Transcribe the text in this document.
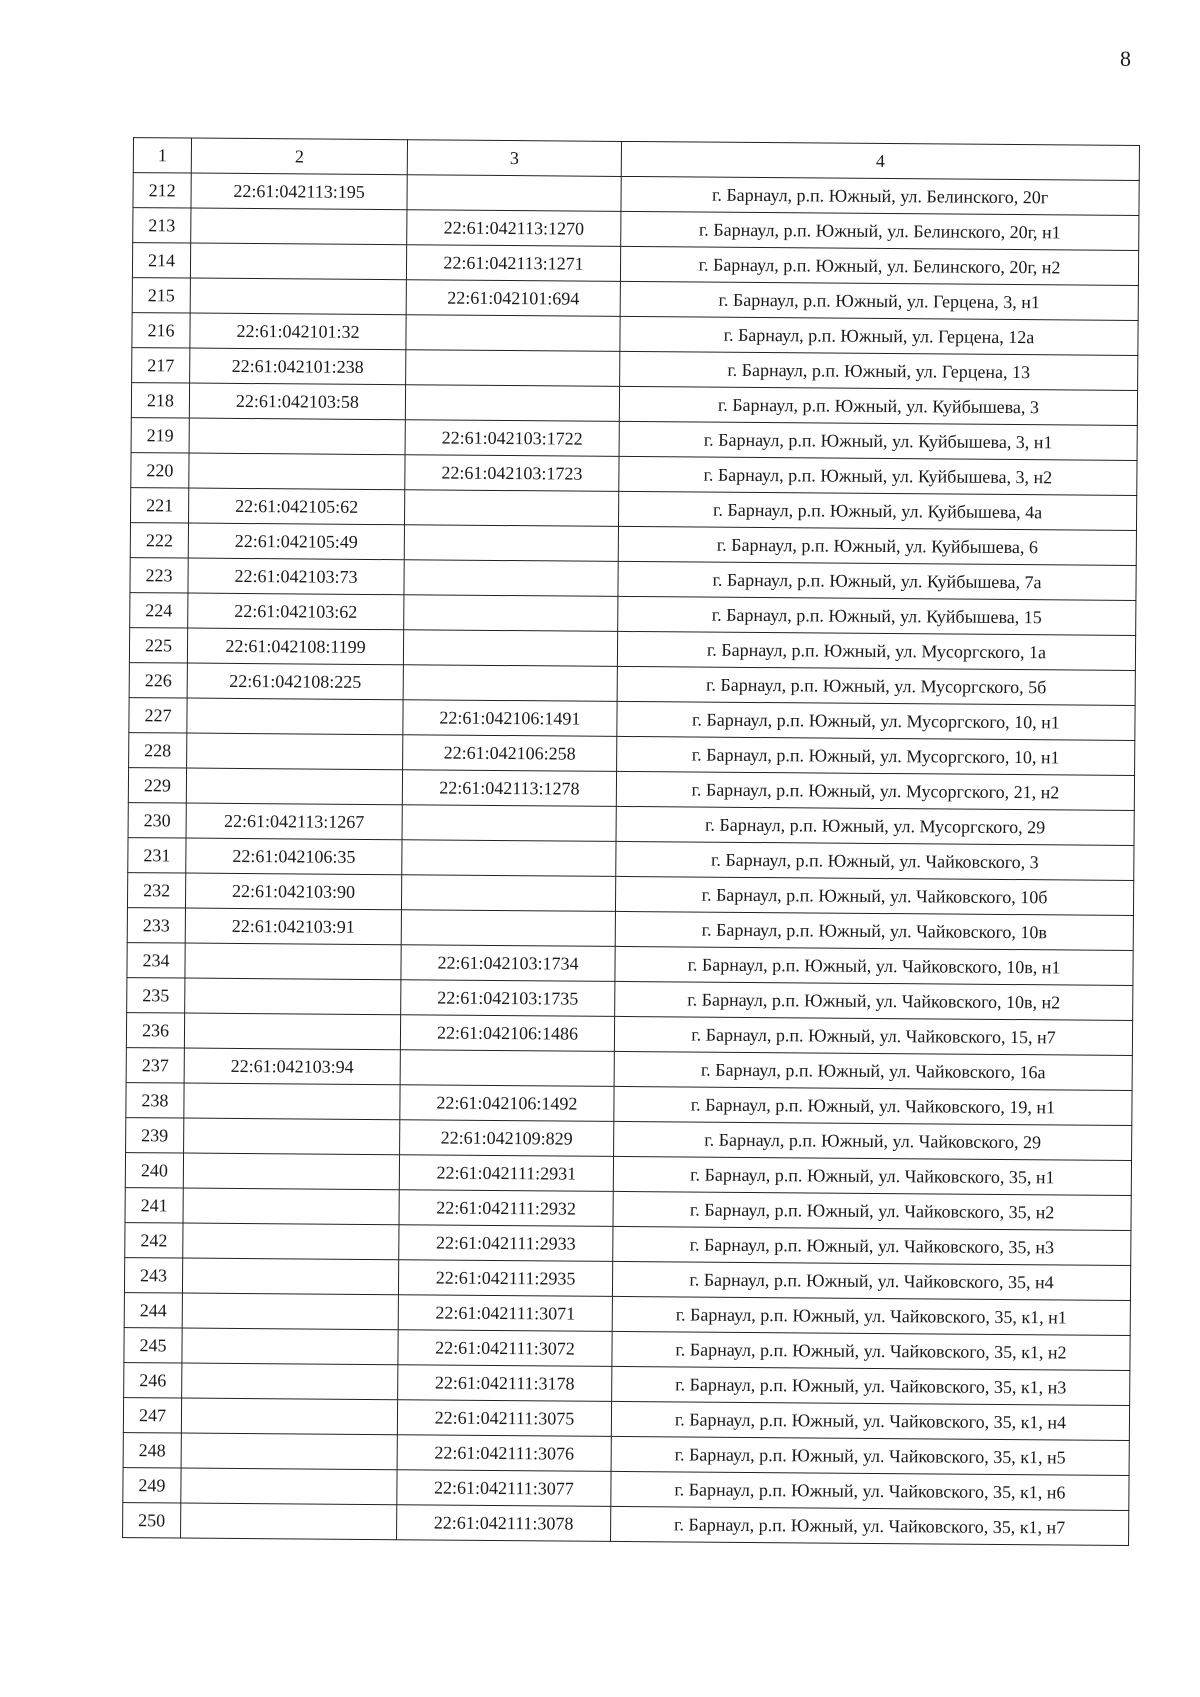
8
1	2	3	4
212	22:61:042113:195		г. Барнаул, р.п. Южный, ул. Белинского, 20г
213		22:61:042113:1270	г. Барнаул, р.п. Южный, ул. Белинского, 20г, н1
214		22:61:042113:1271	г. Барнаул, р.п. Южный, ул. Белинского, 20г, н2
215		22:61:042101:694	г. Барнаул, р.п. Южный, ул. Герцена, 3, н1
216	22:61:042101:32		г. Барнаул, р.п. Южный, ул. Герцена, 12а
217	22:61:042101:238		г. Барнаул, р.п. Южный, ул. Герцена, 13
218	22:61:042103:58		г. Барнаул, р.п. Южный, ул. Куйбышева, 3
219		22:61:042103:1722	г. Барнаул, р.п. Южный, ул. Куйбышева, 3, н1
220		22:61:042103:1723	г. Барнаул, р.п. Южный, ул. Куйбышева, 3, н2
221	22:61:042105:62		г. Барнаул, р.п. Южный, ул. Куйбышева, 4а
222	22:61:042105:49		г. Барнаул, р.п. Южный, ул. Куйбышева, 6
223	22:61:042103:73		г. Барнаул, р.п. Южный, ул. Куйбышева, 7а
224	22:61:042103:62		г. Барнаул, р.п. Южный, ул. Куйбышева, 15
225	22:61:042108:1199		г. Барнаул, р.п. Южный, ул. Мусоргского, 1а
226	22:61:042108:225		г. Барнаул, р.п. Южный, ул. Мусоргского, 5б
227		22:61:042106:1491	г. Барнаул, р.п. Южный, ул. Мусоргского, 10, н1
228		22:61:042106:258	г. Барнаул, р.п. Южный, ул. Мусоргского, 10, н1
229		22:61:042113:1278	г. Барнаул, р.п. Южный, ул. Мусоргского, 21, н2
230	22:61:042113:1267		г. Барнаул, р.п. Южный, ул. Мусоргского, 29
231	22:61:042106:35		г. Барнаул, р.п. Южный, ул. Чайковского, 3
232	22:61:042103:90		г. Барнаул, р.п. Южный, ул. Чайковского, 10б
233	22:61:042103:91		г. Барнаул, р.п. Южный, ул. Чайковского, 10в
234		22:61:042103:1734	г. Барнаул, р.п. Южный, ул. Чайковского, 10в, н1
235		22:61:042103:1735	г. Барнаул, р.п. Южный, ул. Чайковского, 10в, н2
236		22:61:042106:1486	г. Барнаул, р.п. Южный, ул. Чайковского, 15, н7
237	22:61:042103:94		г. Барнаул, р.п. Южный, ул. Чайковского, 16а
238		22:61:042106:1492	г. Барнаул, р.п. Южный, ул. Чайковского, 19, н1
239		22:61:042109:829	г. Барнаул, р.п. Южный, ул. Чайковского, 29
240		22:61:042111:2931	г. Барнаул, р.п. Южный, ул. Чайковского, 35, н1
241		22:61:042111:2932	г. Барнаул, р.п. Южный, ул. Чайковского, 35, н2
242		22:61:042111:2933	г. Барнаул, р.п. Южный, ул. Чайковского, 35, н3
243		22:61:042111:2935	г. Барнаул, р.п. Южный, ул. Чайковского, 35, н4
244		22:61:042111:3071	г. Барнаул, р.п. Южный, ул. Чайковского, 35, к1, н1
245		22:61:042111:3072	г. Барнаул, р.п. Южный, ул. Чайковского, 35, к1, н2
246		22:61:042111:3178	г. Барнаул, р.п. Южный, ул. Чайковского, 35, к1, н3
247		22:61:042111:3075	г. Барнаул, р.п. Южный, ул. Чайковского, 35, к1, н4
248		22:61:042111:3076	г. Барнаул, р.п. Южный, ул. Чайковского, 35, к1, н5
249		22:61:042111:3077	г. Барнаул, р.п. Южный, ул. Чайковского, 35, к1, н6
250		22:61:042111:3078	г. Барнаул, р.п. Южный, ул. Чайковского, 35, к1, н7
